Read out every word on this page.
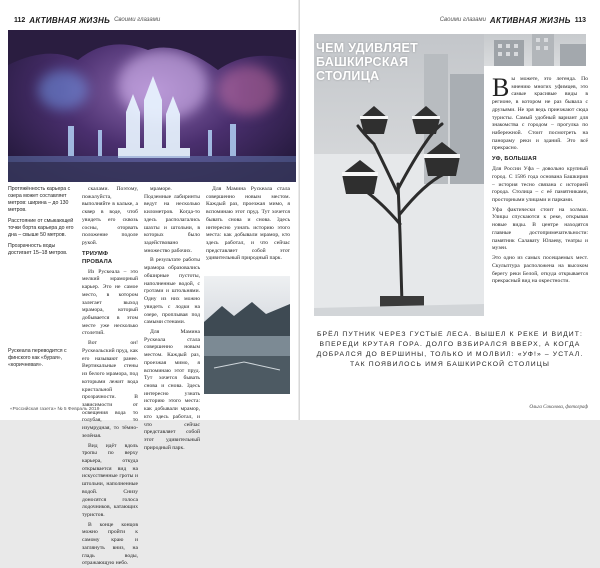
112 АКТИВНАЯ ЖИЗНЬ Своими глазами

Протяжённость карьера с озера может составляет метров: ширина – до 130 метров.

Расстояние от смыкающей точки борта карьера до его дна – свыше 50 метров.

Прозрачность воды достигает 15–18 метров.

Рускеала переводится с финского как «бурая», «коричневая».

скалами. Поэтому, пожалуйста, выполняйте в кальке, а сквер в воде, чтоб увидеть его сквозь сосны, оторвать положение подоле рукой.

ТРИУМФ ПРОВАЛА

Из Рускеала – это мелкий мраморный карьер. Это не самое место, в котором залегает выход мрамора, который добывается в этом месте уже несколько столетий.

Вот он! Рускеальский пруд, как его называют ранее. Вертикальные стены из белого мрамора, под которыми лежит вода кристальной прозрачности. В зависимости от освещения вода то голубая, то изумрудная, то тёмно-зелёная.

Вид идёт вдоль тропы по верху карьера, откуда открывается вид на искусственные гроты и штольни, наполненные водой. Снизу доносятся голоса лодочников, катающих туристов.

В конце концов можно пройти к самому краю и заглянуть вниз, на гладь воды, отражающую небо.

мраморе. Подземные лабиринты ведут на несколько километров. Когда-то здесь располагались шахты и штольни, в которых было задействовано множество рабочих.

В результате работы мрамора образовались обширные пустоты, наполненные водой, с гротами и штольнями. Одну из них можно увидеть с лодки на озере, проплывая под самыми стенами.

Для Мамина Рускеала стала совершенно новым местом. Каждый раз, проезжая мимо, я вспоминаю этот пруд. Тут хочется бывать снова и снова. Здесь интересно узнать историю этого места: как добывали мрамор, кто здесь работал, и что сейчас представляет собой этот удивительный природный парк.

Для Мамина Рускеала стала совершенно новым местом. Каждый раз, проезжая мимо, я вспоминаю этот пруд. Тут хочется бывать снова и снова. Здесь интересно узнать историю этого места: как добывали мрамор, кто здесь работал, и что сейчас представляет собой этот удивительный природный парк.

«Российская газета» № 5 Февраль 2019
Своими глазами АКТИВНАЯ ЖИЗНЬ 113
ЧЕМ УДИВЛЯЕТ БАШКИРСКАЯ СТОЛИЦА	Вы можете, это легенда. По мнению многих уфимцев, это самые красивые виды в регионе, в котором не раз бывала с друзьями. Не зря ведь приезжают сюда туристы. Самый удобный вариант для знакомства с городом – прогулка по набережной. Стоит посмотреть на панораму реки и зданий. Это всё прекрасно.

УФ, БОЛЬШАЯ

Для России Уфа – довольно крупный город. С 1586 года основана Башкирия – история тесно связана с историей города. Столица – с её памятниками, просторными улицами и парками.

Уфа фактически стоит на холмах. Улицы спускаются к реке, открывая новые виды. В центре находятся главные достопримечательности: памятник Салавату Юлаеву, театры и музеи.

Это одно из самых посещаемых мест. Скульптура расположена на высоком берегу реки Белой, откуда открывается прекрасный вид на окрестности.

БРЁЛ ПУТНИК ЧЕРЕЗ ГУСТЫЕ ЛЕСА. ВЫШЕЛ К РЕКЕ И ВИДИТ: ВПЕРЕДИ КРУТАЯ ГОРА. ДОЛГО ВЗБИРАЛСЯ ВВЕРХ, А КОГДА ДОБРАЛСЯ ДО ВЕРШИНЫ, ТОЛЬКО И МОЛВИЛ: «УФ!» – УСТАЛ. ТАК ПОЯВИЛОСЬ ИМЯ БАШКИРСКОЙ СТОЛИЦЫ
Ольга Соколова, фотограф
